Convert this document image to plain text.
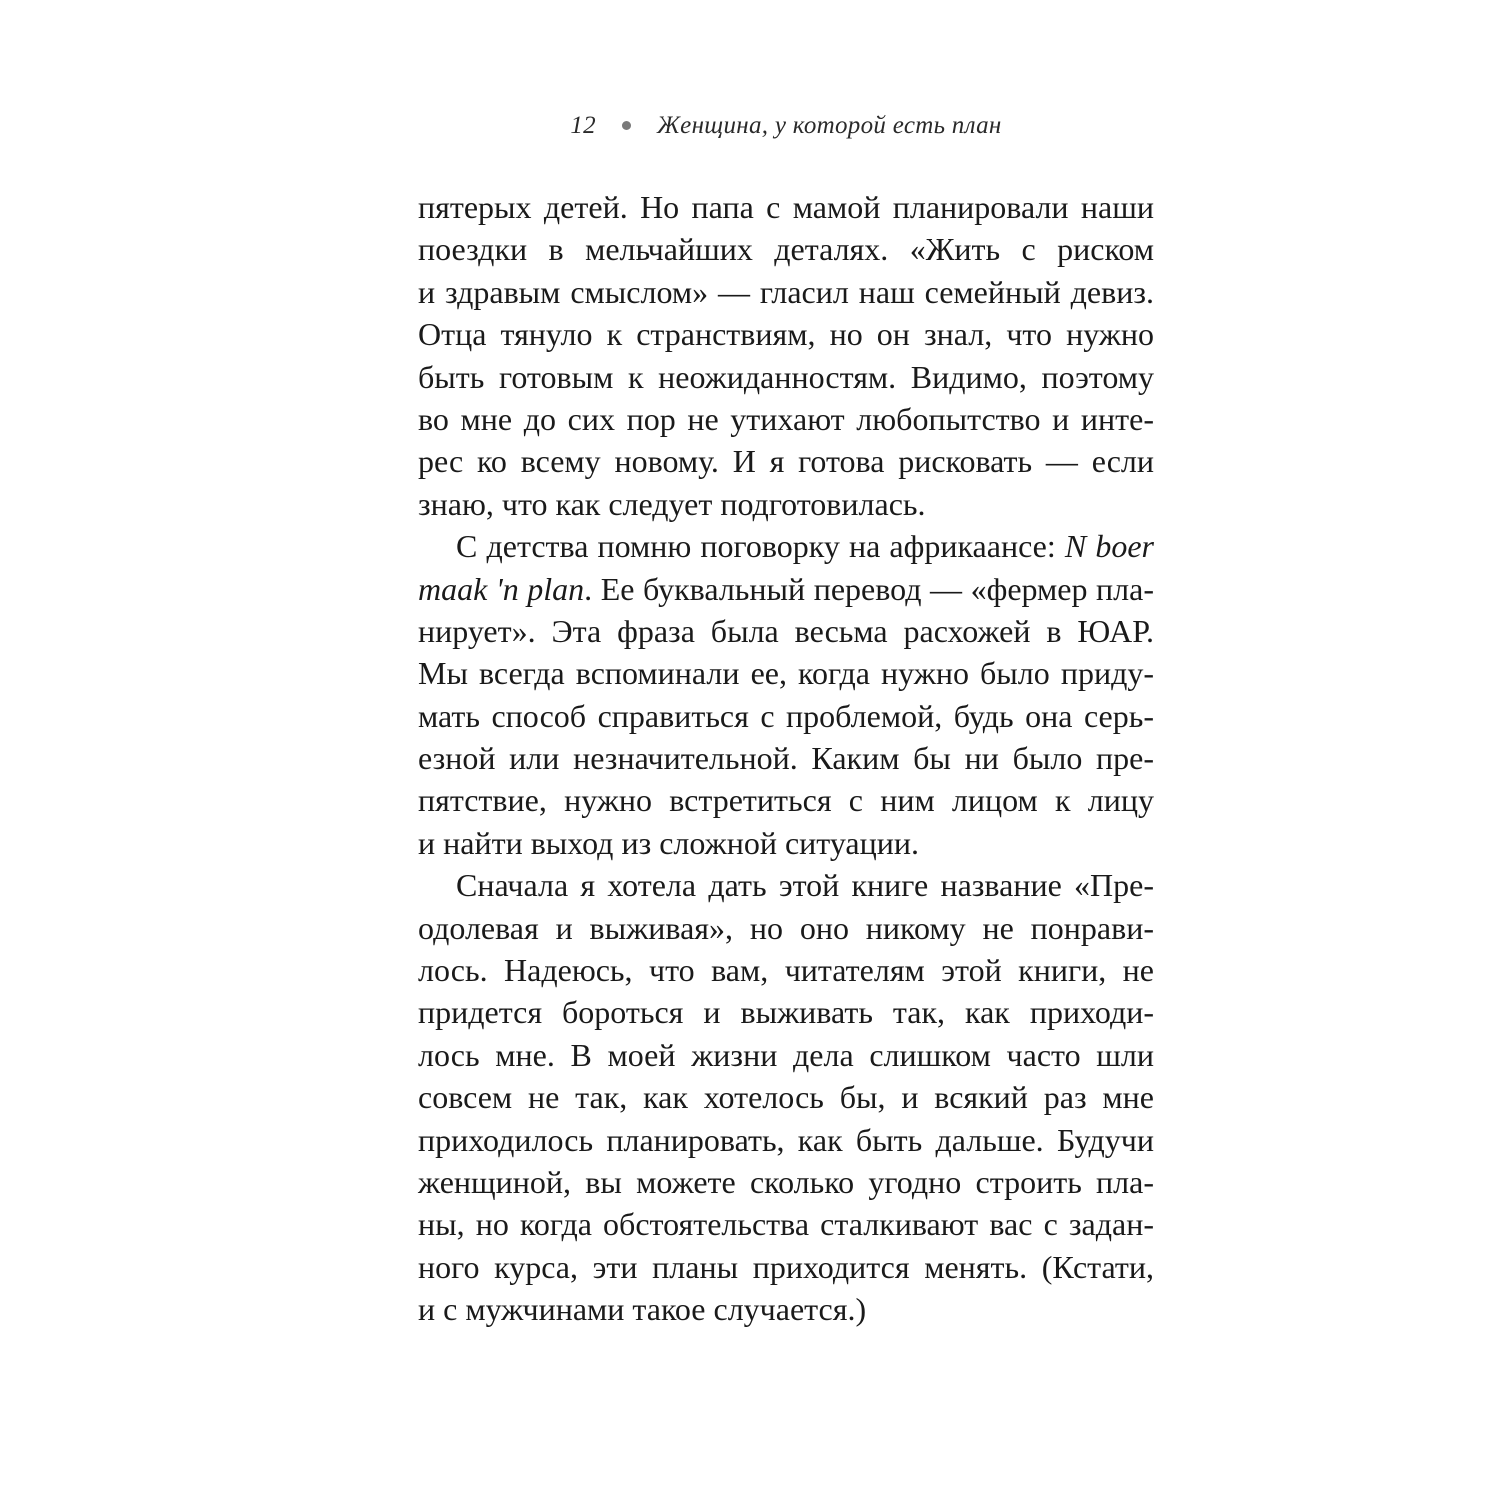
12 Женщина, у которой есть план
пятерых детей. Но папа с мамой планировали наши
поездки в мельчайших деталях. «Жить с риском
и здравым смыслом» — гласил наш семейный девиз.
Отца тянуло к странствиям, но он знал, что нужно
быть готовым к неожиданностям. Видимо, поэтому
во мне до сих пор не утихают любопытство и инте-
рес ко всему новому. И я готова рисковать — если
знаю, что как следует подготовилась.
С детства помню поговорку на африкаансе: N boer
maak 'n plan. Ее буквальный перевод — «фермер пла-
нирует». Эта фраза была весьма расхожей в ЮАР.
Мы всегда вспоминали ее, когда нужно было приду-
мать способ справиться с проблемой, будь она серь-
езной или незначительной. Каким бы ни было пре-
пятствие, нужно встретиться с ним лицом к лицу
и найти выход из сложной ситуации.
Сначала я хотела дать этой книге название «Пре-
одолевая и выживая», но оно никому не понрави-
лось. Надеюсь, что вам, читателям этой книги, не
придется бороться и выживать так, как приходи-
лось мне. В моей жизни дела слишком часто шли
совсем не так, как хотелось бы, и всякий раз мне
приходилось планировать, как быть дальше. Будучи
женщиной, вы можете сколько угодно строить пла-
ны, но когда обстоятельства сталкивают вас с задан-
ного курса, эти планы приходится менять. (Кстати,
и с мужчинами такое случается.)
